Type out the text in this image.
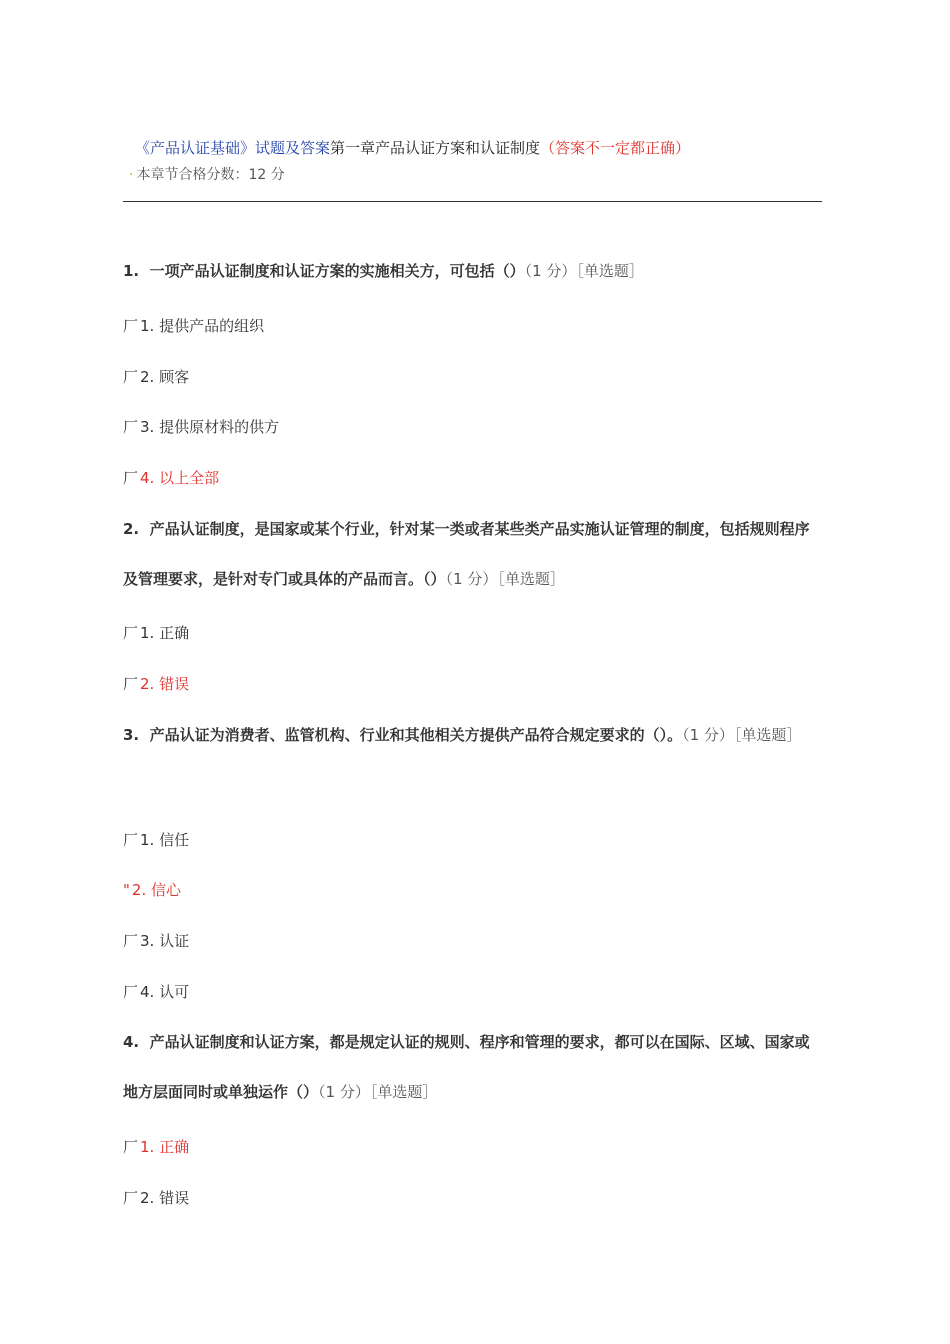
《产品认证基础》试题及答案第一章产品认证方案和认证制度（答案不一定都正确）
· 本章节合格分数：12 分
1. 一项产品认证制度和认证方案的实施相关方，可包括（）（1 分）［单选题］
厂 1. 提供产品的组织
厂 2. 顾客
厂 3. 提供原材料的供方
厂 4. 以上全部
2. 产品认证制度，是国家或某个行业，针对某一类或者某些类产品实施认证管理的制度，包括规则程序及管理要求，是针对专门或具体的产品而言。（）（1 分）［单选题］
厂 1. 正确
厂 2. 错误
3. 产品认证为消费者、监管机构、行业和其他相关方提供产品符合规定要求的（）。（1 分）［单选题］
厂 1. 信任
" 2. 信心
厂 3. 认证
厂 4. 认可
4. 产品认证制度和认证方案，都是规定认证的规则、程序和管理的要求，都可以在国际、区域、国家或地方层面同时或单独运作（）（1 分）［单选题］
厂 1. 正确
厂 2. 错误
